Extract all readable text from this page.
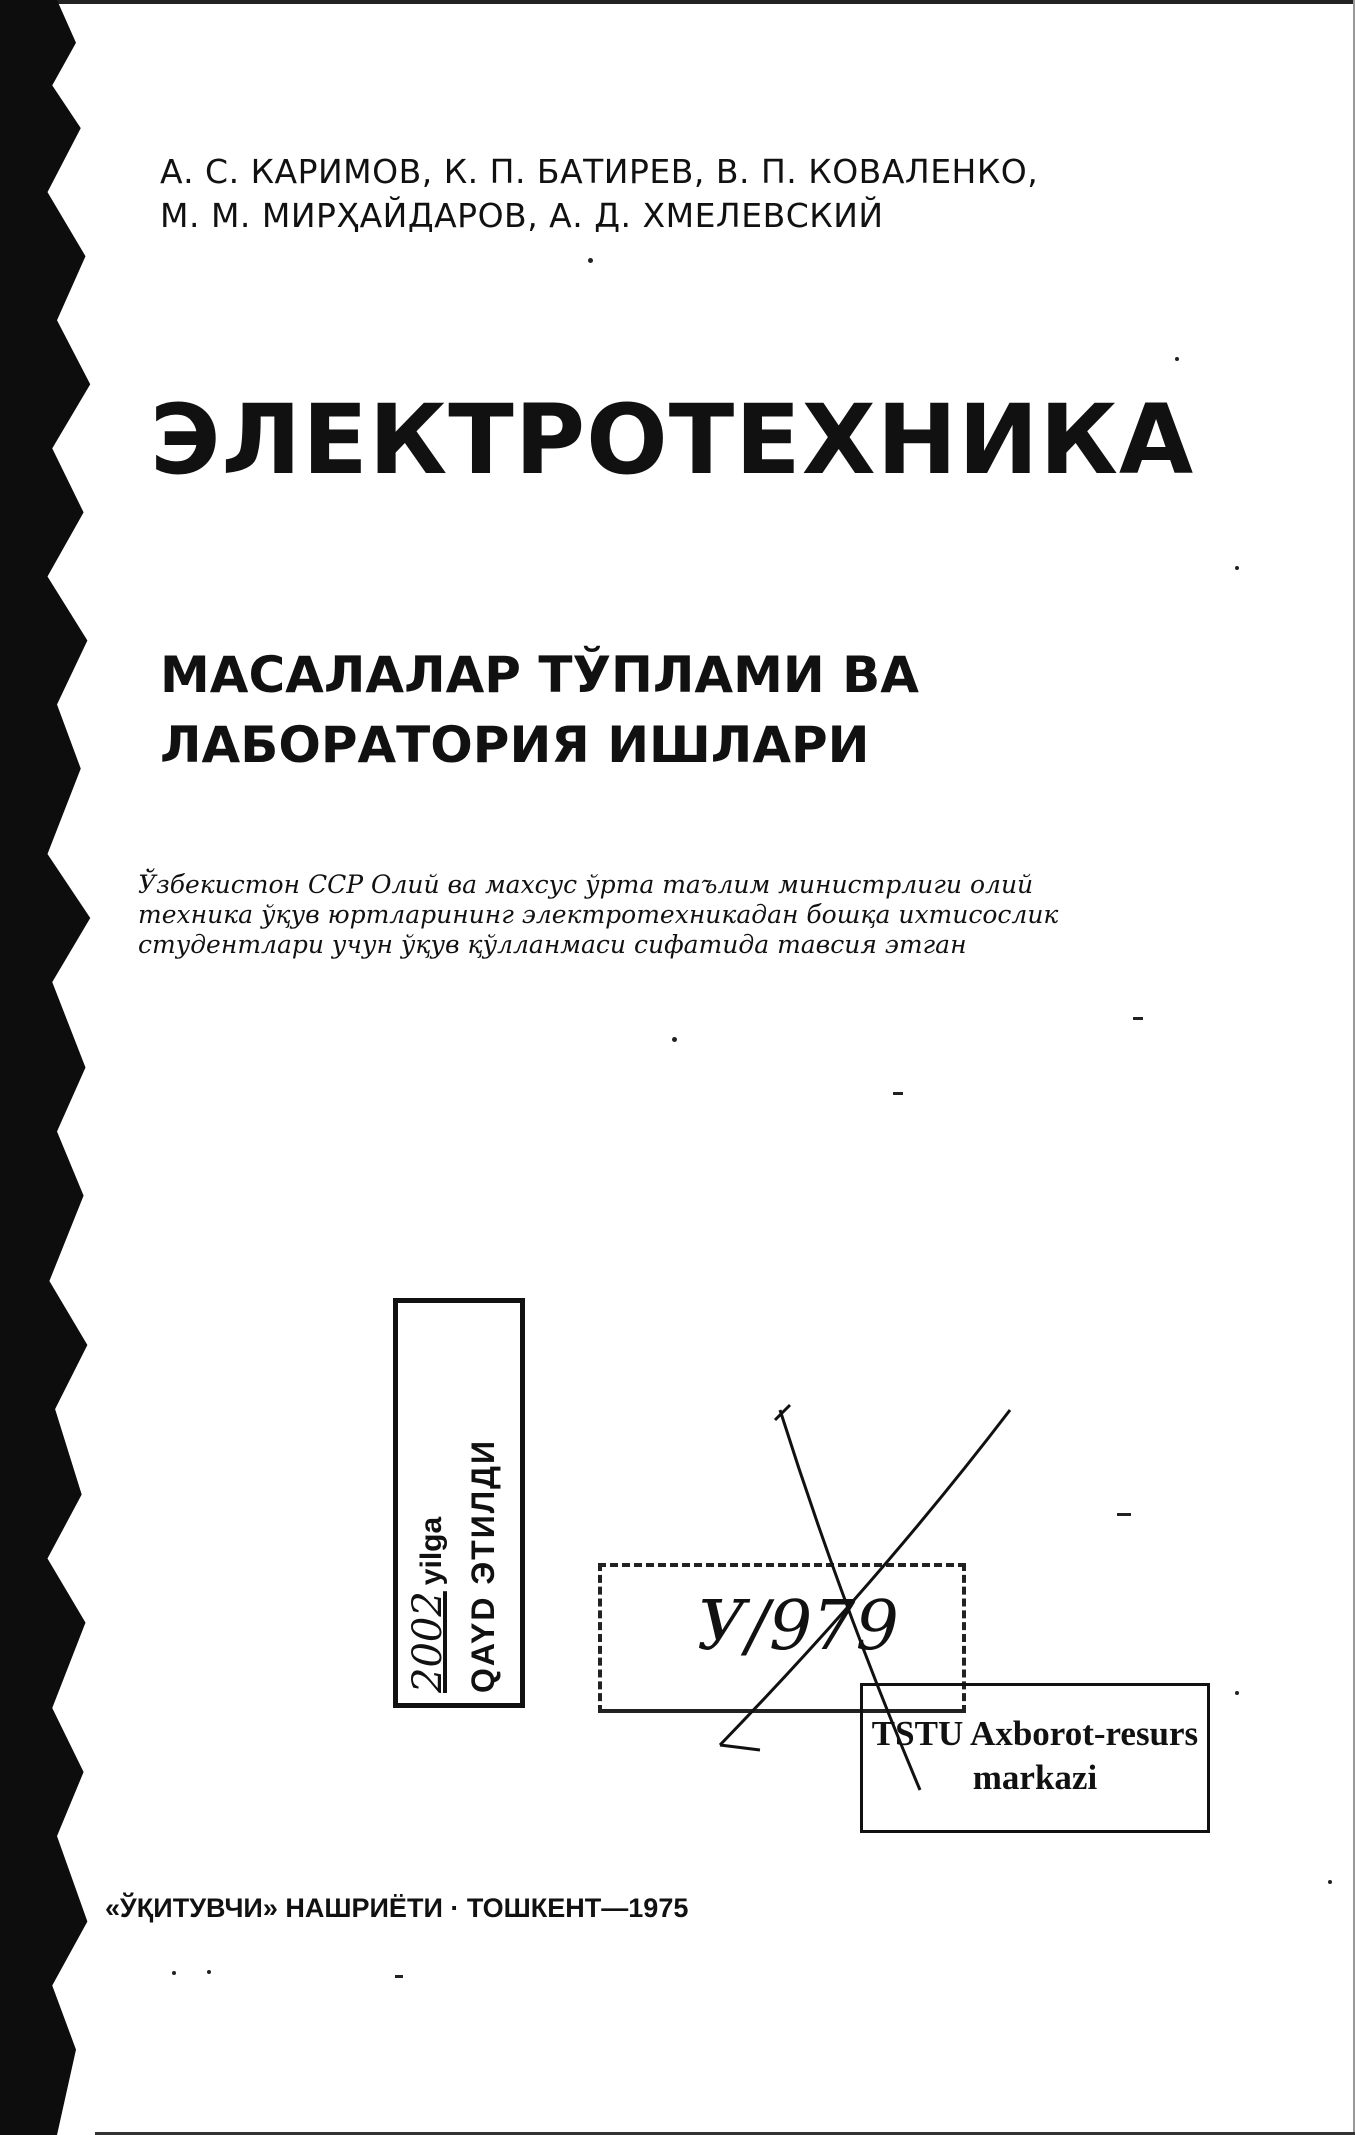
А. С. КАРИМОВ, К. П. БАТИРЕВ, В. П. КОВАЛЕНКО,
М. М. МИРҲАЙДАРОВ, А. Д. ХМЕЛЕВСКИЙ
ЭЛЕКТРОТЕХНИКА
МАСАЛАЛАР ТЎПЛАМИ ВА
ЛАБОРАТОРИЯ ИШЛАРИ
Ўзбекистон ССР Олий ва махсус ўрта таълим министрлиги олий
техника ўқув юртларининг электротехникадан бошқа ихтисослик
студентлари учун ўқув қўлланмаси сифатида тавсия этган
2002yilga QAYD ЭТИЛДИ	У/979
TSTU Axborot-resurs
markazi
«ЎҚИТУВЧИ» НАШРИЁТИ · ТОШКЕНТ—1975
